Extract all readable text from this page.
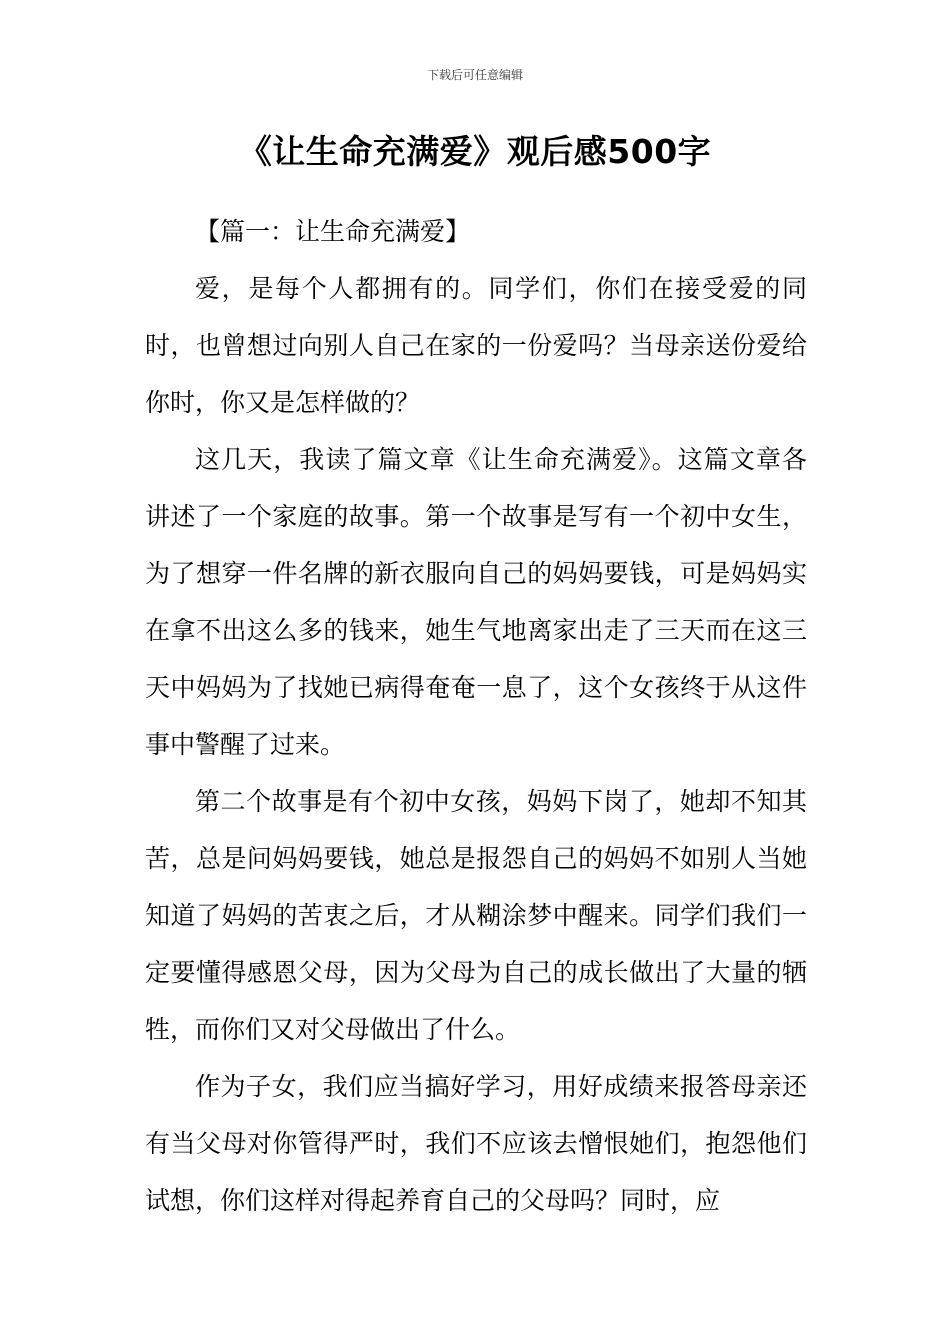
下载后可任意编辑
《让生命充满爱》观后感500字

【篇一：让生命充满爱】

爱，是每个人都拥有的。同学们，你们在接受爱的同时，也曾想过向别人自己在家的一份爱吗？当母亲送份爱给你时，你又是怎样做的？

这几天，我读了篇文章《让生命充满爱》。这篇文章各讲述了一个家庭的故事。第一个故事是写有一个初中女生，为了想穿一件名牌的新衣服向自己的妈妈要钱，可是妈妈实在拿不出这么多的钱来，她生气地离家出走了三天而在这三天中妈妈为了找她已病得奄奄一息了，这个女孩终于从这件事中警醒了过来。

第二个故事是有个初中女孩，妈妈下岗了，她却不知其苦，总是问妈妈要钱，她总是报怨自己的妈妈不如别人当她知道了妈妈的苦衷之后，才从糊涂梦中醒来。同学们我们一定要懂得感恩父母，因为父母为自己的成长做出了大量的牺牲，而你们又对父母做出了什么。

作为子女，我们应当搞好学习，用好成绩来报答母亲还有当父母对你管得严时，我们不应该去憎恨她们，抱怨他们试想，你们这样对得起养育自己的父母吗？同时，应
